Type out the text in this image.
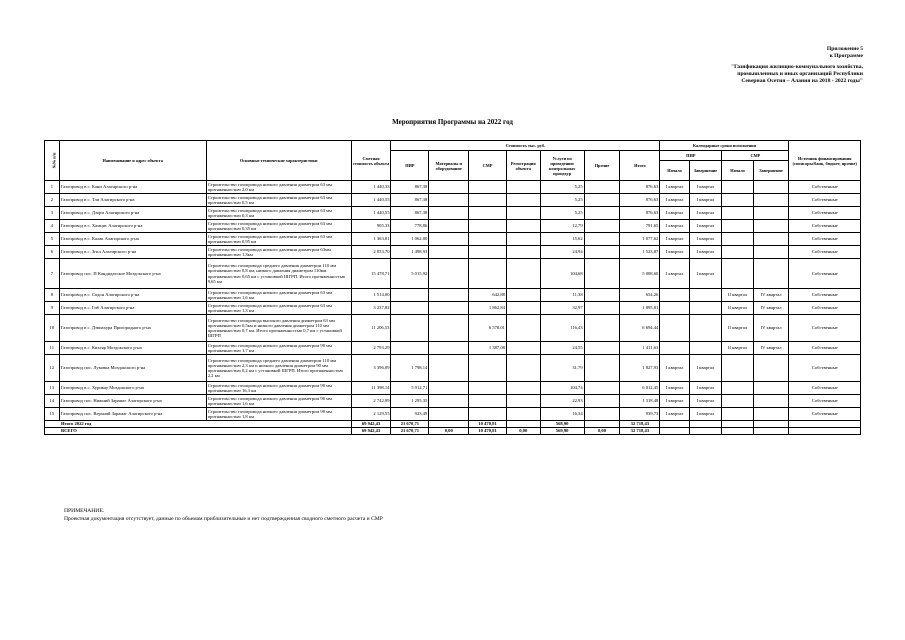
Приложение 5
к Программе
"Газификация жилищно-коммунального хозяйства,
промышленных и иных организаций Республики
Северная Осетия – Алания на 2018 - 2022 годы"
Мероприятия Программы на 2022 год
№№ п/п	Наименование и адрес объекта	Основные технические характеристики	Сметная стоимость объекта	Стоимость тыс. руб.							Календарные сроки исполнения				Источник финансирования (спонсоры/банк, бюджет, прочие)
				ПИР	Материалы и оборудование	СМР	Регистрация объекта	Услуги по проведению контрольных процедур	Прочие	Итого	ПИР		СМР		
											Начало	Завершение	Начало	Завершение	
1	Газопровод в с. Кани Алагирского р-на	Строительство газопровода низкого давления диаметром 63 мм протяженностью 2,0 км	1 440,33	867,38				5,25		876,63	I квартал	I квартал			Собственные
2	Газопровод в с. Тли Алагирского р-на	Строительство газопровода низкого давления диаметром 63 мм протяженностью 0,5 км	1 440,55	867,38				5,25		876,63	I квартал	I квартал			Собственные
3	Газопровод в с. Дзори Алагирского р-на	Строительство газопровода низкого давления диаметром 63 мм протяженностью 0,3 км	1 440,55	867,38				5,25		876,63	I квартал	I квартал			Собственные
4	Газопровод в с. Хамцис Алагирского р-на	Строительство газопровода низкого давления диаметром 63 мм протяженностью 0,35 км	905,33	778,86				12,79		791,65	I квартал	I квартал			Собственные
5	Газопровод в с. Калак Алагирского р-на	Строительство газопровода низкого давления диаметром 63 мм протяженностью 0,95 км	1 363,01	1 062,00				15,62		1 077,62	I квартал	I квартал			Собственные
6	Газопровод в с. Згил Алагирского р-на	Строительство газопровода низкого давления диаметром 63мм протяженностью 1,3км	2 053,70	1 498,93				24,94		1 523,87	I квартал	I квартал			Собственные
7	Газопровод пос. П Кандидатское Моздокского р-на	Строительство газопровода среднего давления диаметром 110 мм протяженностью 0,8 км, низкого давления диаметром 110мм протяженностью 0,65 км с установкой ШГРП. Итого протяженностью 9,65 км	15 478,71	5 015,92				104,68		5 008,60	I квартал	I квартал			Собственные
8	Газопровод в с. Садон Алагирского р-на	Строительство газопровода низкого давления диаметром 63 мм протяженностью 1,6 км	1 514,00			642,88		11,38		654,26			II квартал	IV квартал	Собственные
9	Газопровод в с. Гиб Алагирского р-на	Строительство газопровода низкого давления диаметром 63 мм протяженностью 1,3 км	3 237,82			1 862,84		32,97		1 895,81			II квартал	IV квартал	Собственные
10	Газопровод в с. Дзвиахура Пригородного р-на	Строительство газопровода высокого давления диаметром 63 мм протяженностью 0,5км и низкого давления диаметром 110 мм протяженностью 0,7 км. Итого протяженностью 0,7 км с установкой ШГРП	11 206,53			6 578,01		116,43		6 694,44			II квартал	IV квартал	Собственные
11	Газопровод в с. Кизляр Моздокского р-на	Строительство газопровода низкого давления диаметром 90 мм протяженностью 1,7 км	2 793,29			1 387,08		24,55		1 411,63			II квартал	IV квартал	Собственные
12	Газопровод пос. Луковка Моздокского р-на	Строительство газопровода среднего давления диаметром 110 мм протяженностью 2,3 км и низкого давления диаметром 90 мм протяженностью 0,2 км с установкой ШГРП. Итого протяженностью 2,2 км	3 396,09	1 798,14				31,79		1 827,93	I квартал	I квартал			Собственные
13	Газопровод в с. Хурикау Моздокского р-на	Строительство газопровода низкого давления диаметром 90 мм протяженностью 16,3 км	11 398,14	5 912,71				104,74		6 012,45	I квартал	I квартал			Собственные
14	Газопровод пос. Нижний Зарамаг Алагирского р-на	Строительство газопровода низкого давления диаметром 90 мм протяженностью 1,6 км	2 742,99	1 295,35				22,93		1 318,48	I квартал	I квартал			Собственные
15	Газопровод пос. Верхний Зарамаг Алагирского р-на	Строительство газопровода низкого давления диаметром 90 мм протяженностью 1,8 км	2 129,55	923,49				16,34		939,73	I квартал	I квартал			Собственные
Итого 2022 год			69 942,43	21 670,71		10 470,81		568,90		32 718,43					
ВСЕГО			69 942,43	21 670,71	0,00	10 470,81	0,00	569,90	0,00	32 718,43					
ПРИМЕЧАНИЕ.
Проектная документация отсутствует, данные по объемам приблизительные и нет подтвержденная сводного сметного расчета и СМР
